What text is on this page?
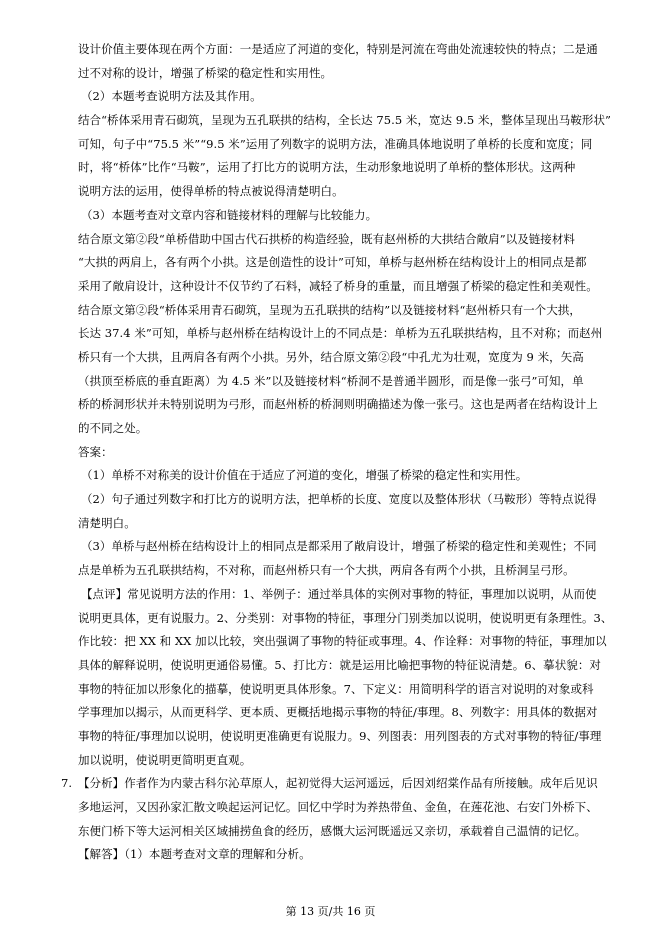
设计价值主要体现在两个方面：一是适应了河道的变化，特别是河流在弯曲处流速较快的特点；二是通
过不对称的设计，增强了桥梁的稳定性和实用性。
（2）本题考查说明方法及其作用。
结合“桥体采用青石砌筑，呈现为五孔联拱的结构，全长达 75.5 米，宽达 9.5 米，整体呈现出马鞍形状”
可知，句子中“75.5 米”“9.5 米”运用了列数字的说明方法，准确具体地说明了单桥的长度和宽度；同
时，将“桥体”比作“马鞍”，运用了打比方的说明方法，生动形象地说明了单桥的整体形状。这两种
说明方法的运用，使得单桥的特点被说得清楚明白。
（3）本题考查对文章内容和链接材料的理解与比较能力。
结合原文第②段“单桥借助中国古代石拱桥的构造经验，既有赵州桥的大拱结合敞肩”以及链接材料
“大拱的两肩上，各有两个小拱。这是创造性的设计”可知，单桥与赵州桥在结构设计上的相同点是都
采用了敞肩设计，这种设计不仅节约了石料，减轻了桥身的重量，而且增强了桥梁的稳定性和美观性。
结合原文第②段“桥体采用青石砌筑，呈现为五孔联拱的结构”以及链接材料“赵州桥只有一个大拱，
长达 37.4 米”可知，单桥与赵州桥在结构设计上的不同点是：单桥为五孔联拱结构，且不对称；而赵州
桥只有一个大拱，且两肩各有两个小拱。另外，结合原文第②段“中孔尤为壮观，宽度为 9 米，矢高
（拱顶至桥底的垂直距离）为 4.5 米”以及链接材料“桥洞不是普通半圆形，而是像一张弓”可知，单
桥的桥洞形状并未特别说明为弓形，而赵州桥的桥洞则明确描述为像一张弓。这也是两者在结构设计上
的不同之处。
答案：
（1）单桥不对称美的设计价值在于适应了河道的变化，增强了桥梁的稳定性和实用性。
（2）句子通过列数字和打比方的说明方法，把单桥的长度、宽度以及整体形状（马鞍形）等特点说得
清楚明白。
（3）单桥与赵州桥在结构设计上的相同点是都采用了敞肩设计，增强了桥梁的稳定性和美观性；不同
点是单桥为五孔联拱结构，不对称，而赵州桥只有一个大拱，两肩各有两个小拱，且桥洞呈弓形。
【点评】常见说明方法的作用：1、举例子：通过举具体的实例对事物的特征，事理加以说明，从而使
说明更具体，更有说服力。2、分类别：对事物的特征，事理分门别类加以说明，使说明更有条理性。3、
作比较：把 XX 和 XX 加以比较，突出强调了事物的特征或事理。4、作诠释：对事物的特征，事理加以
具体的解释说明，使说明更通俗易懂。5、打比方：就是运用比喻把事物的特征说清楚。6、摹状貌：对
事物的特征加以形象化的描摹，使说明更具体形象。7、下定义：用简明科学的语言对说明的对象或科
学事理加以揭示，从而更科学、更本质、更概括地揭示事物的特征/事理。8、列数字：用具体的数据对
事物的特征/事理加以说明，使说明更准确更有说服力。9、列图表：用列图表的方式对事物的特征/事理
加以说明，使说明更简明更直观。
7. 【分析】作者作为内蒙古科尔沁草原人，起初觉得大运河遥远，后因刘绍棠作品有所接触。成年后见识
多地运河，又因孙家汇散文唤起运河记忆。回忆中学时为养热带鱼、金鱼，在莲花池、右安门外桥下、
东便门桥下等大运河相关区域捕捞鱼食的经历，感慨大运河既遥远又亲切，承载着自己温情的记忆。
【解答】（1）本题考查对文章的理解和分析。
第 13 页/共 16 页
